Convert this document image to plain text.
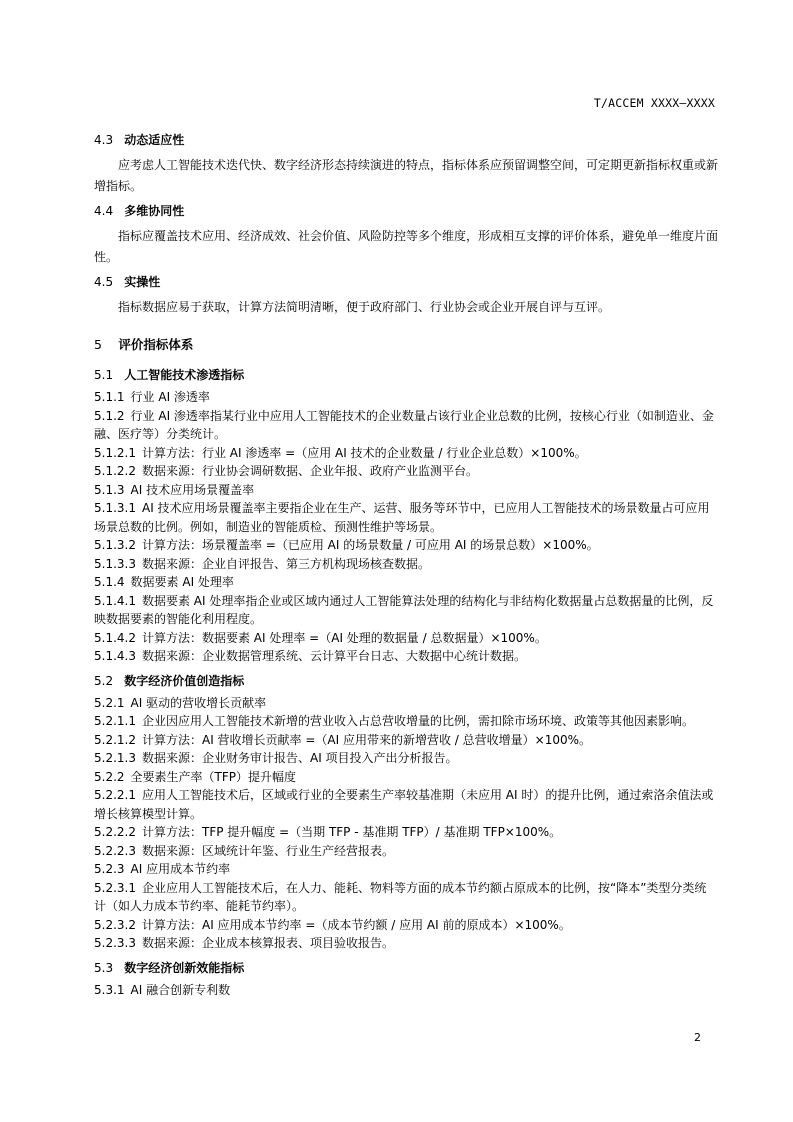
T/ACCEM XXXX—XXXX
4.3 动态适应性

应考虑人工智能技术迭代快、数字经济形态持续演进的特点，指标体系应预留调整空间，可定期更新指标权重或新增指标。

4.4 多维协同性

指标应覆盖技术应用、经济成效、社会价值、风险防控等多个维度，形成相互支撑的评价体系，避免单一维度片面性。

4.5 实操性

指标数据应易于获取，计算方法简明清晰，便于政府部门、行业协会或企业开展自评与互评。

5 评价指标体系
5.1 人工智能技术渗透指标

5.1.1 行业 AI 渗透率

5.1.2 行业 AI 渗透率指某行业中应用人工智能技术的企业数量占该行业企业总数的比例，按核心行业（如制造业、金融、医疗等）分类统计。

5.1.2.1 计算方法：行业 AI 渗透率 =（应用 AI 技术的企业数量 / 行业企业总数）×100%。

5.1.2.2 数据来源：行业协会调研数据、企业年报、政府产业监测平台。

5.1.3 AI 技术应用场景覆盖率

5.1.3.1 AI 技术应用场景覆盖率主要指企业在生产、运营、服务等环节中，已应用人工智能技术的场景数量占可应用场景总数的比例。例如，制造业的智能质检、预测性维护等场景。

5.1.3.2 计算方法：场景覆盖率 =（已应用 AI 的场景数量 / 可应用 AI 的场景总数）×100%。

5.1.3.3 数据来源：企业自评报告、第三方机构现场核查数据。

5.1.4 数据要素 AI 处理率

5.1.4.1 数据要素 AI 处理率指企业或区域内通过人工智能算法处理的结构化与非结构化数据量占总数据量的比例，反映数据要素的智能化利用程度。

5.1.4.2 计算方法：数据要素 AI 处理率 =（AI 处理的数据量 / 总数据量）×100%。

5.1.4.3 数据来源：企业数据管理系统、云计算平台日志、大数据中心统计数据。

5.2 数字经济价值创造指标

5.2.1 AI 驱动的营收增长贡献率

5.2.1.1 企业因应用人工智能技术新增的营业收入占总营收增量的比例，需扣除市场环境、政策等其他因素影响。

5.2.1.2 计算方法：AI 营收增长贡献率 =（AI 应用带来的新增营收 / 总营收增量）×100%。

5.2.1.3 数据来源：企业财务审计报告、AI 项目投入产出分析报告。

5.2.2 全要素生产率（TFP）提升幅度

5.2.2.1 应用人工智能技术后，区域或行业的全要素生产率较基准期（未应用 AI 时）的提升比例，通过索洛余值法或增长核算模型计算。

5.2.2.2 计算方法：TFP 提升幅度 =（当期 TFP - 基准期 TFP）/ 基准期 TFP×100%。

5.2.2.3 数据来源：区域统计年鉴、行业生产经营报表。

5.2.3 AI 应用成本节约率

5.2.3.1 企业应用人工智能技术后，在人力、能耗、物料等方面的成本节约额占原成本的比例，按“降本”类型分类统计（如人力成本节约率、能耗节约率）。

5.2.3.2 计算方法：AI 应用成本节约率 =（成本节约额 / 应用 AI 前的原成本）×100%。

5.2.3.3 数据来源：企业成本核算报表、项目验收报告。

5.3 数字经济创新效能指标

5.3.1 AI 融合创新专利数

2
